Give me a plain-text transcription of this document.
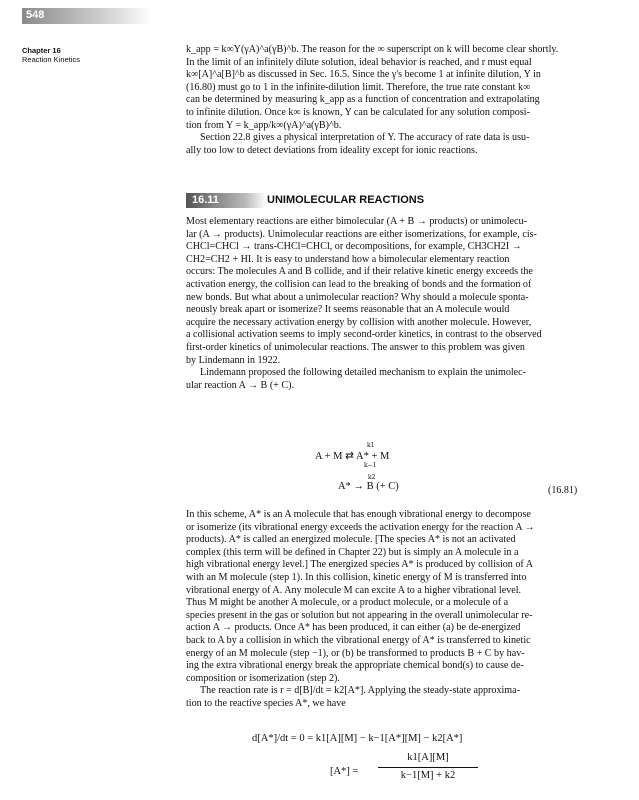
548
Chapter 16
Reaction Kinetics

k_app = k∞Y(γA)^a(γB)^b. The reason for the ∞ superscript on k will become clear shortly.

In the limit of an infinitely dilute solution, ideal behavior is reached, and r must equal

k∞[A]^a[B]^b as discussed in Sec. 16.5. Since the γ's become 1 at infinite dilution, Y in

(16.80) must go to 1 in the infinite-dilution limit. Therefore, the true rate constant k∞

can be determined by measuring k_app as a function of concentration and extrapolating

to infinite dilution. Once k∞ is known, Y can be calculated for any solution composi-

tion from Y = k_app/k∞(γA)^a(γB)^b.

Section 22.8 gives a physical interpretation of Y. The accuracy of rate data is usu-

ally too low to detect deviations from ideality except for ionic reactions.

16.11	UNIMOLECULAR REACTIONS

Most elementary reactions are either bimolecular (A + B → products) or unimolecu-

lar (A → products). Unimolecular reactions are either isomerizations, for example, cis-

CHCl=CHCl → trans-CHCl=CHCl, or decompositions, for example, CH3CH2I →

CH2=CH2 + HI. It is easy to understand how a bimolecular elementary reaction

occurs: The molecules A and B collide, and if their relative kinetic energy exceeds the

activation energy, the collision can lead to the breaking of bonds and the formation of

new bonds. But what about a unimolecular reaction? Why should a molecule sponta-

neously break apart or isomerize? It seems reasonable that an A molecule would

acquire the necessary activation energy by collision with another molecule. However,

a collisional activation seems to imply second-order kinetics, in contrast to the observed

first-order kinetics of unimolecular reactions. The answer to this problem was given

by Lindemann in 1922.

Lindemann proposed the following detailed mechanism to explain the unimolec-

ular reaction A → B (+ C).

A + M ⇄ A* + M
k1
k−1
A* → B (+ C)
k2
(16.81)

In this scheme, A* is an A molecule that has enough vibrational energy to decompose

or isomerize (its vibrational energy exceeds the activation energy for the reaction A →

products). A* is called an energized molecule. [The species A* is not an activated

complex (this term will be defined in Chapter 22) but is simply an A molecule in a

high vibrational energy level.] The energized species A* is produced by collision of A

with an M molecule (step 1). In this collision, kinetic energy of M is transferred into

vibrational energy of A. Any molecule M can excite A to a higher vibrational level.

Thus M might be another A molecule, or a product molecule, or a molecule of a

species present in the gas or solution but not appearing in the overall unimolecular re-

action A → products. Once A* has been produced, it can either (a) be de-energized

back to A by a collision in which the vibrational energy of A* is transferred to kinetic

energy of an M molecule (step −1), or (b) be transformed to products B + C by hav-

ing the extra vibrational energy break the appropriate chemical bond(s) to cause de-

composition or isomerization (step 2).

The reaction rate is r = d[B]/dt = k2[A*]. Applying the steady-state approxima-

tion to the reactive species A*, we have

d[A*]/dt = 0 = k1[A][M] − k−1[A*][M] − k2[A*]
[A*] =
k1[A][M]
k−1[M] + k2
